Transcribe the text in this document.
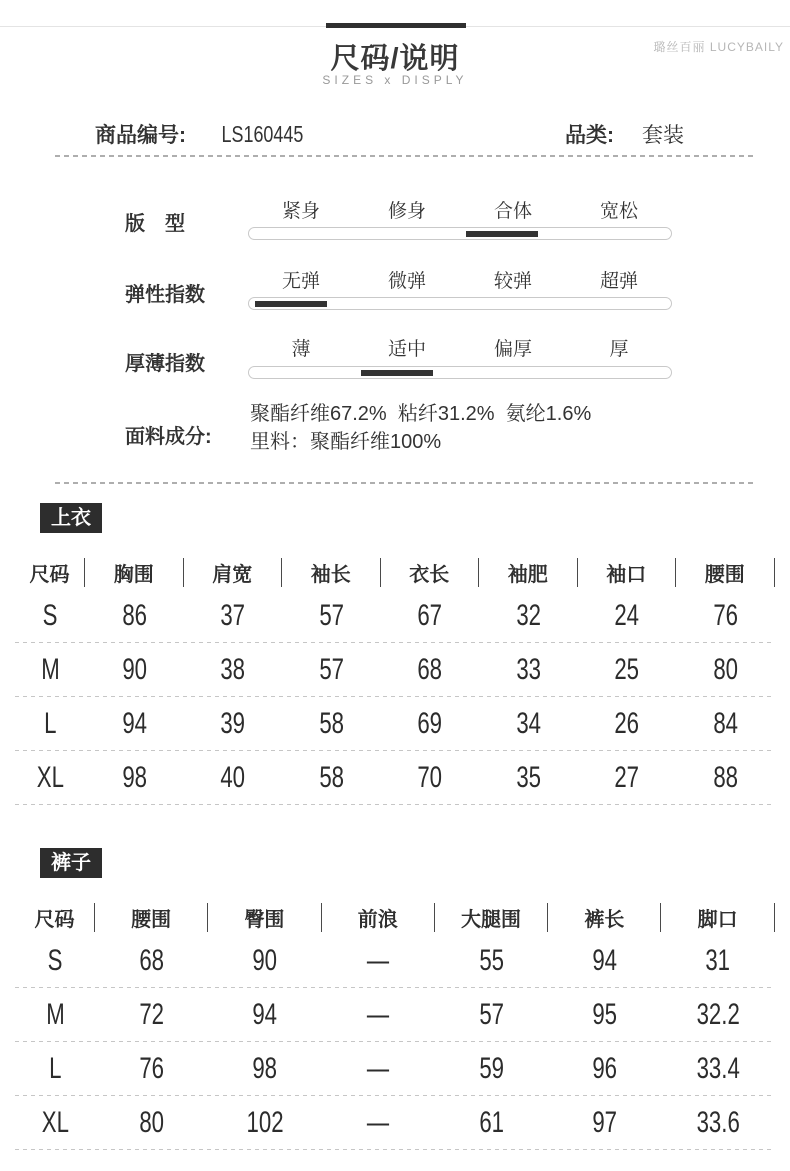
尺码/说明
SIZES x DISPLY
璐丝百丽 LUCYBAILY
商品编号: LS160445	品类: 套装
版　型
紧身	修身	合体	宽松
弹性指数
无弹	微弹	较弹	超弹
厚薄指数
薄	适中	偏厚	厚
面料成分:
聚酯纤维67.2%  粘纤31.2%  氨纶1.6%
里料：聚酯纤维100%
上衣
尺码 胸围	肩宽	袖长	衣长	袖肥	袖口	腰围
S 86 37 57 67 32 24 76
M 90 38 57 68 33 25 80
L 94 39 58 69 34 26 84
XL 98 40 58 70 35 27 88
裤子
尺码	腰围	臀围	前浪	大腿围	裤长	脚口
S	68	90	—	55	94	31
M	72	94	—	57	95	32.2
L	76	98	—	59	96	33.4
XL 80	102	—	61	97	33.6
